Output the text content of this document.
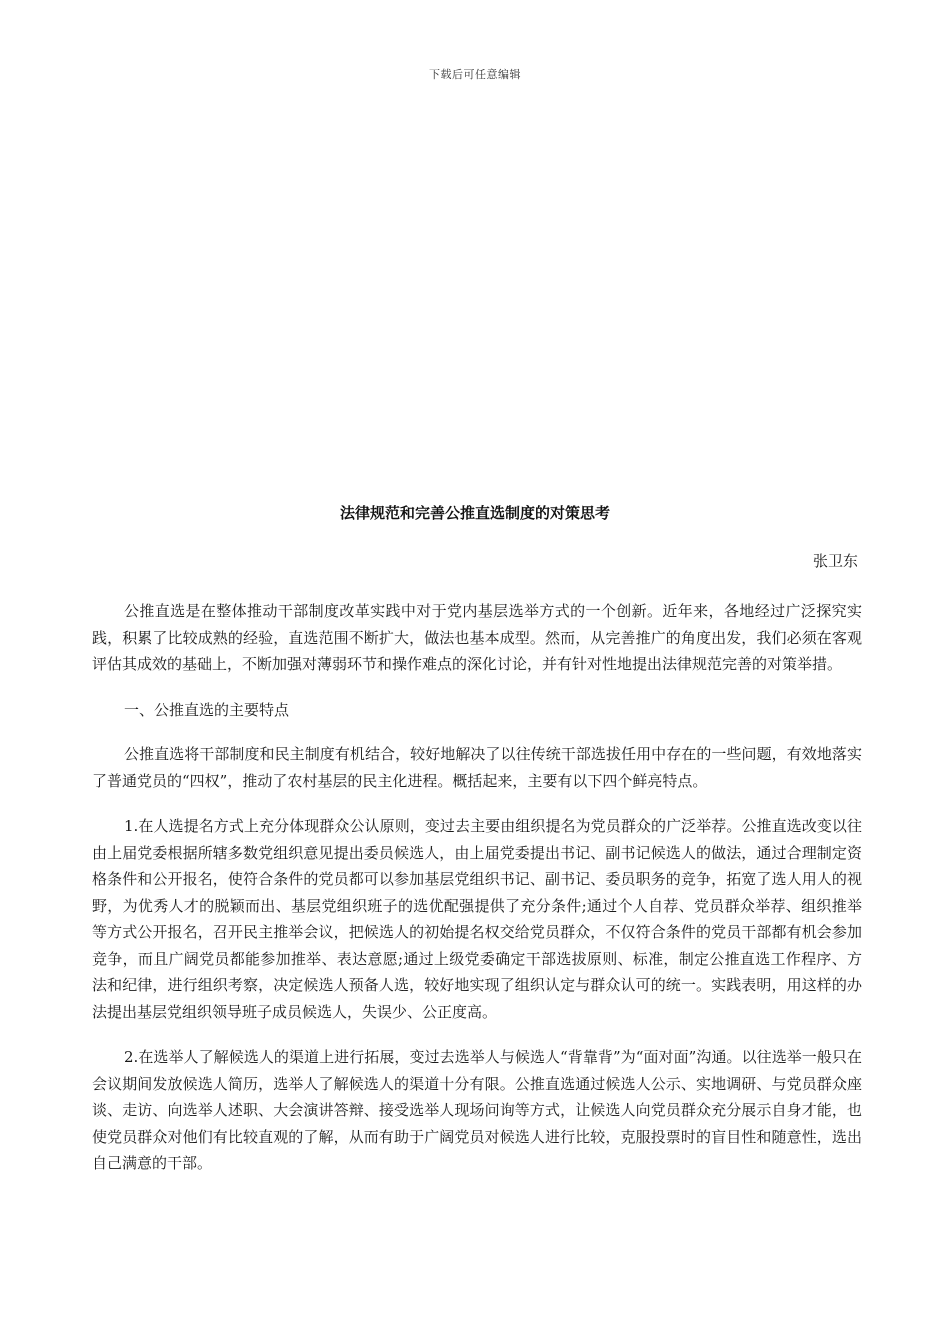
下载后可任意编辑
法律规范和完善公推直选制度的对策思考
张卫东

公推直选是在整体推动干部制度改革实践中对于党内基层选举方式的一个创新。近年来，各地经过广泛探究实践，积累了比较成熟的经验，直选范围不断扩大，做法也基本成型。然而，从完善推广的角度出发，我们必须在客观评估其成效的基础上，不断加强对薄弱环节和操作难点的深化讨论，并有针对性地提出法律规范完善的对策举措。

一、公推直选的主要特点

公推直选将干部制度和民主制度有机结合，较好地解决了以往传统干部选拔任用中存在的一些问题，有效地落实了普通党员的“四权”，推动了农村基层的民主化进程。概括起来，主要有以下四个鲜亮特点。

1.在人选提名方式上充分体现群众公认原则，变过去主要由组织提名为党员群众的广泛举荐。公推直选改变以往由上届党委根据所辖多数党组织意见提出委员候选人，由上届党委提出书记、副书记候选人的做法，通过合理制定资格条件和公开报名，使符合条件的党员都可以参加基层党组织书记、副书记、委员职务的竞争，拓宽了选人用人的视野，为优秀人才的脱颖而出、基层党组织班子的选优配强提供了充分条件;通过个人自荐、党员群众举荐、组织推举等方式公开报名，召开民主推举会议，把候选人的初始提名权交给党员群众，不仅符合条件的党员干部都有机会参加竞争，而且广阔党员都能参加推举、表达意愿;通过上级党委确定干部选拔原则、标准，制定公推直选工作程序、方法和纪律，进行组织考察，决定候选人预备人选，较好地实现了组织认定与群众认可的统一。实践表明，用这样的办法提出基层党组织领导班子成员候选人，失误少、公正度高。

2.在选举人了解候选人的渠道上进行拓展，变过去选举人与候选人“背靠背”为“面对面”沟通。以往选举一般只在会议期间发放候选人简历，选举人了解候选人的渠道十分有限。公推直选通过候选人公示、实地调研、与党员群众座谈、走访、向选举人述职、大会演讲答辩、接受选举人现场问询等方式，让候选人向党员群众充分展示自身才能，也使党员群众对他们有比较直观的了解，从而有助于广阔党员对候选人进行比较，克服投票时的盲目性和随意性，选出自己满意的干部。
